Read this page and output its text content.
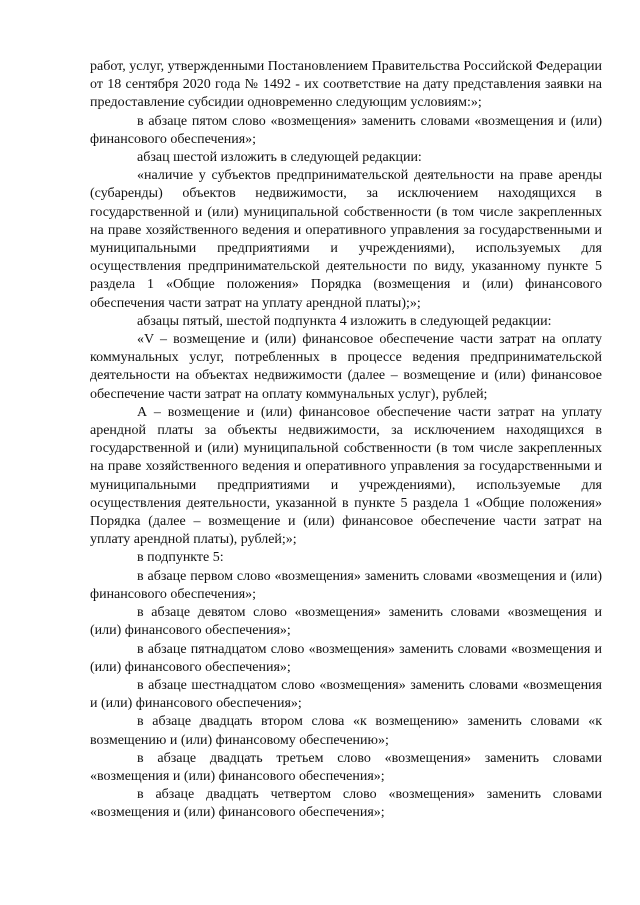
работ, услуг, утвержденными Постановлением Правительства Российской Федерации от 18 сентября 2020 года № 1492 - их соответствие на дату представления заявки на предоставление субсидии одновременно следующим условиям:»;

в абзаце пятом слово «возмещения» заменить словами «возмещения и (или) финансового обеспечения»;

абзац шестой изложить в следующей редакции:

«наличие у субъектов предпринимательской деятельности на праве аренды (субаренды) объектов недвижимости, за исключением находящихся в государственной и (или) муниципальной собственности (в том числе закрепленных на праве хозяйственного ведения и оперативного управления за государственными и муниципальными предприятиями и учреждениями), используемых для осуществления предпринимательской деятельности по виду, указанному пункте 5 раздела 1 «Общие положения» Порядка (возмещения и (или) финансового обеспечения части затрат на уплату арендной платы);»;

абзацы пятый, шестой подпункта 4 изложить в следующей редакции:

«V – возмещение и (или) финансовое обеспечение части затрат на оплату коммунальных услуг, потребленных в процессе ведения предпринимательской деятельности на объектах недвижимости (далее – возмещение и (или) финансовое обеспечение части затрат на оплату коммунальных услуг), рублей;

А – возмещение и (или) финансовое обеспечение части затрат на уплату арендной платы за объекты недвижимости, за исключением находящихся в государственной и (или) муниципальной собственности (в том числе закрепленных на праве хозяйственного ведения и оперативного управления за государственными и муниципальными предприятиями и учреждениями), используемые для осуществления деятельности, указанной в пункте 5 раздела 1 «Общие положения» Порядка (далее – возмещение и (или) финансовое обеспечение части затрат на уплату арендной платы), рублей;»;

в подпункте 5:

в абзаце первом слово «возмещения» заменить словами «возмещения и (или) финансового обеспечения»;

в абзаце девятом слово «возмещения» заменить словами «возмещения и (или) финансового обеспечения»;

в абзаце пятнадцатом слово «возмещения» заменить словами «возмещения и (или) финансового обеспечения»;

в абзаце шестнадцатом слово «возмещения» заменить словами «возмещения и (или) финансового обеспечения»;

в абзаце двадцать втором слова «к возмещению» заменить словами «к возмещению и (или) финансовому обеспечению»;

в абзаце двадцать третьем слово «возмещения» заменить словами «возмещения и (или) финансового обеспечения»;

в абзаце двадцать четвертом слово «возмещения» заменить словами «возмещения и (или) финансового обеспечения»;
